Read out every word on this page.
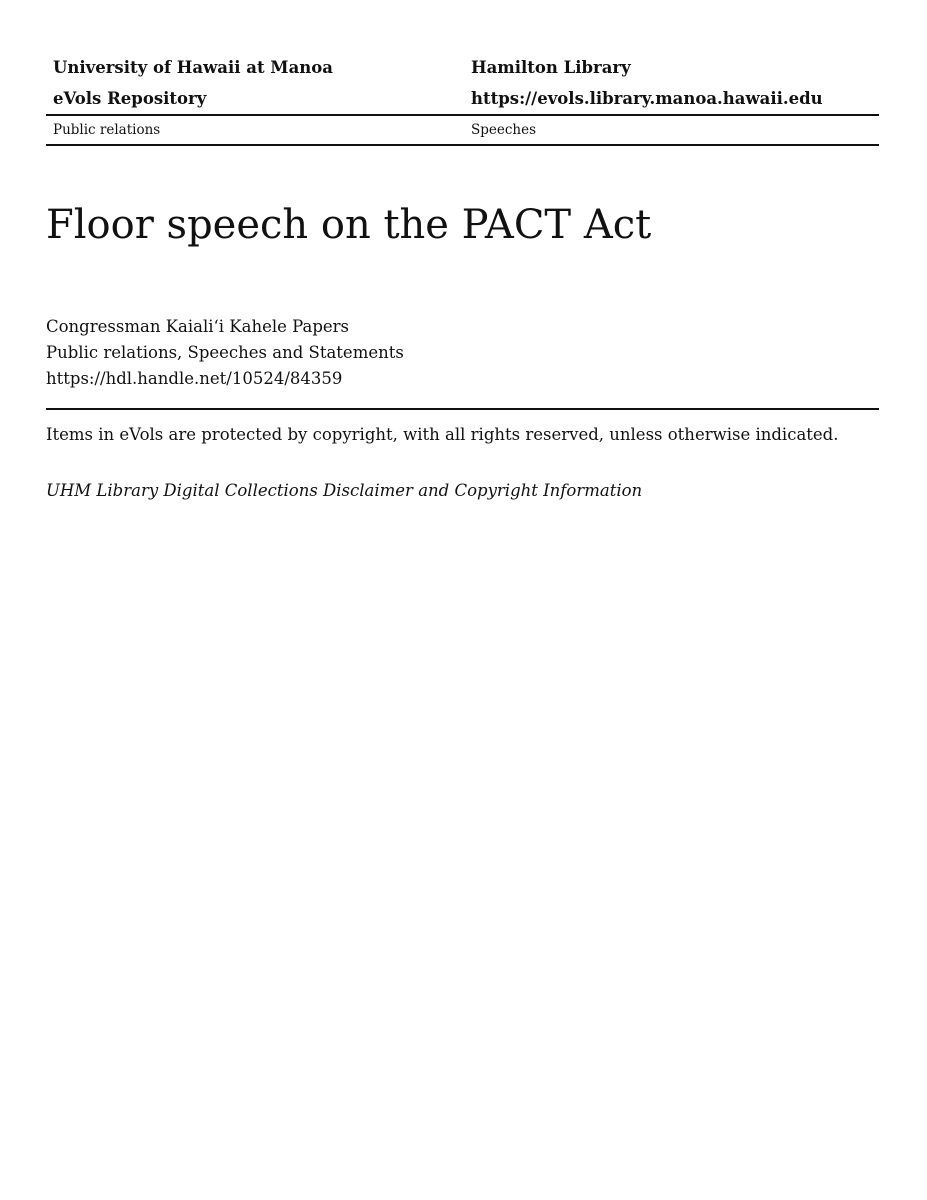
University of Hawaii at Manoa	Hamilton Library
eVols Repository	https://evols.library.manoa.hawaii.edu
Public relations	Speeches
Floor speech on the PACT Act
Congressman Kaiali‘i Kahele Papers
Public relations, Speeches and Statements
https://hdl.handle.net/10524/84359
Items in eVols are protected by copyright, with all rights reserved, unless otherwise indicated.
UHM Library Digital Collections Disclaimer and Copyright Information
